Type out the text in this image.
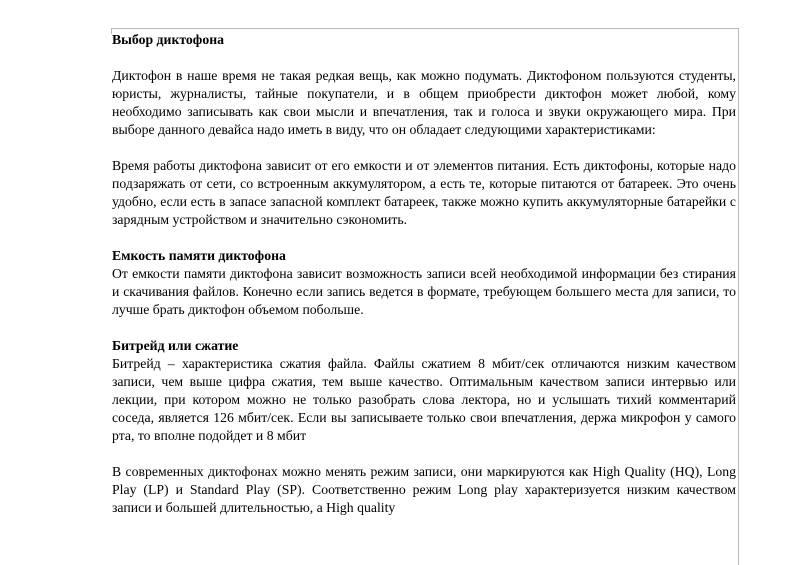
Выбор диктофона

Диктофон в наше время не такая редкая вещь, как можно подумать. Диктофоном пользуются студенты, юристы, журналисты, тайные покупатели, и в общем приобрести диктофон может любой, кому необходимо записывать как свои мысли и впечатления, так и голоса и звуки окружающего мира. При выборе данного девайса надо иметь в виду, что он обладает следующими характеристиками:

Время работы диктофона зависит от его емкости и от элементов питания. Есть диктофоны, которые надо подзаряжать от сети, со встроенным аккумулятором, а есть те, которые питаются от батареек. Это очень удобно, если есть в запасе запасной комплект батареек, также можно купить аккумуляторные батарейки с зарядным устройством и значительно сэкономить.

Емкость памяти диктофона

От емкости памяти диктофона зависит возможность записи всей необходимой информации без стирания и скачивания файлов. Конечно если запись ведется в формате, требующем большего места для записи, то лучше брать диктофон объемом побольше.

Битрейд или сжатие

Битрейд – характеристика сжатия файла. Файлы сжатием 8 мбит/сек отличаются низким качеством записи, чем выше цифра сжатия, тем выше качество. Оптимальным качеством записи интервью или лекции, при котором можно не только разобрать слова лектора, но и услышать тихий комментарий соседа, является 126 мбит/сек. Если вы записываете только свои впечатления, держа микрофон у самого рта, то вполне подойдет и 8 мбит

В современных диктофонах можно менять режим записи, они маркируются как High Quality (HQ), Long Play (LP) и Standard Play (SP). Соответственно режим Long play характеризуется низким качеством записи и большей длительностью, а High quality
